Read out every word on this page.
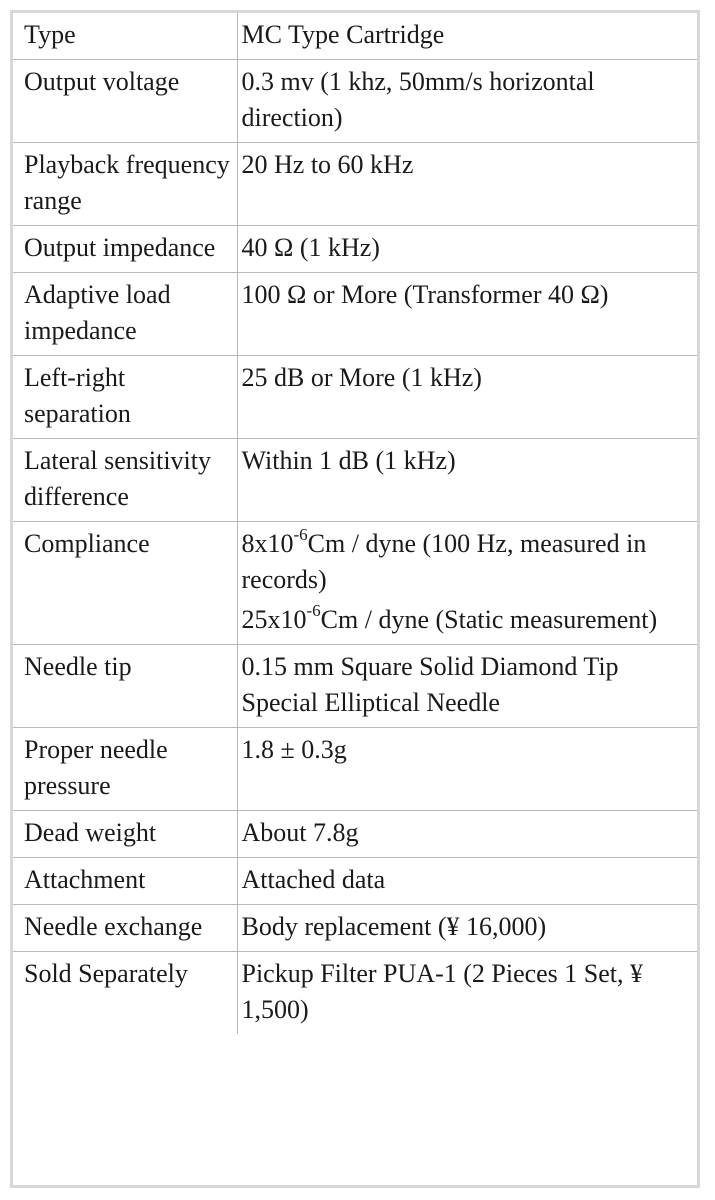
Type	MC Type Cartridge
Output voltage	0.3 mv (1 khz, 50mm/s horizontal direction)
Playback frequency range	20 Hz to 60 kHz
Output impedance	40 Ω (1 kHz)
Adaptive load impedance	100 Ω or More (Transformer 40 Ω)
Left-right separation	25 dB or More (1 kHz)
Lateral sensitivity difference	Within 1 dB (1 kHz)
Compliance	$8x10^{-6}Cm$ / dyne (100 Hz, measured in records)
$25x10^{-6}Cm$ / dyne (Static measurement)

Needle tip	0.15 mm Square Solid Diamond Tip Special Elliptical Needle
Proper needle pressure	1.8 ± 0.3g
Dead weight	About 7.8g
Attachment	Attached data
Needle exchange	Body replacement (¥ 16,000)
Sold Separately	Pickup Filter PUA-1 (2 Pieces 1 Set, ¥ 1,500)
